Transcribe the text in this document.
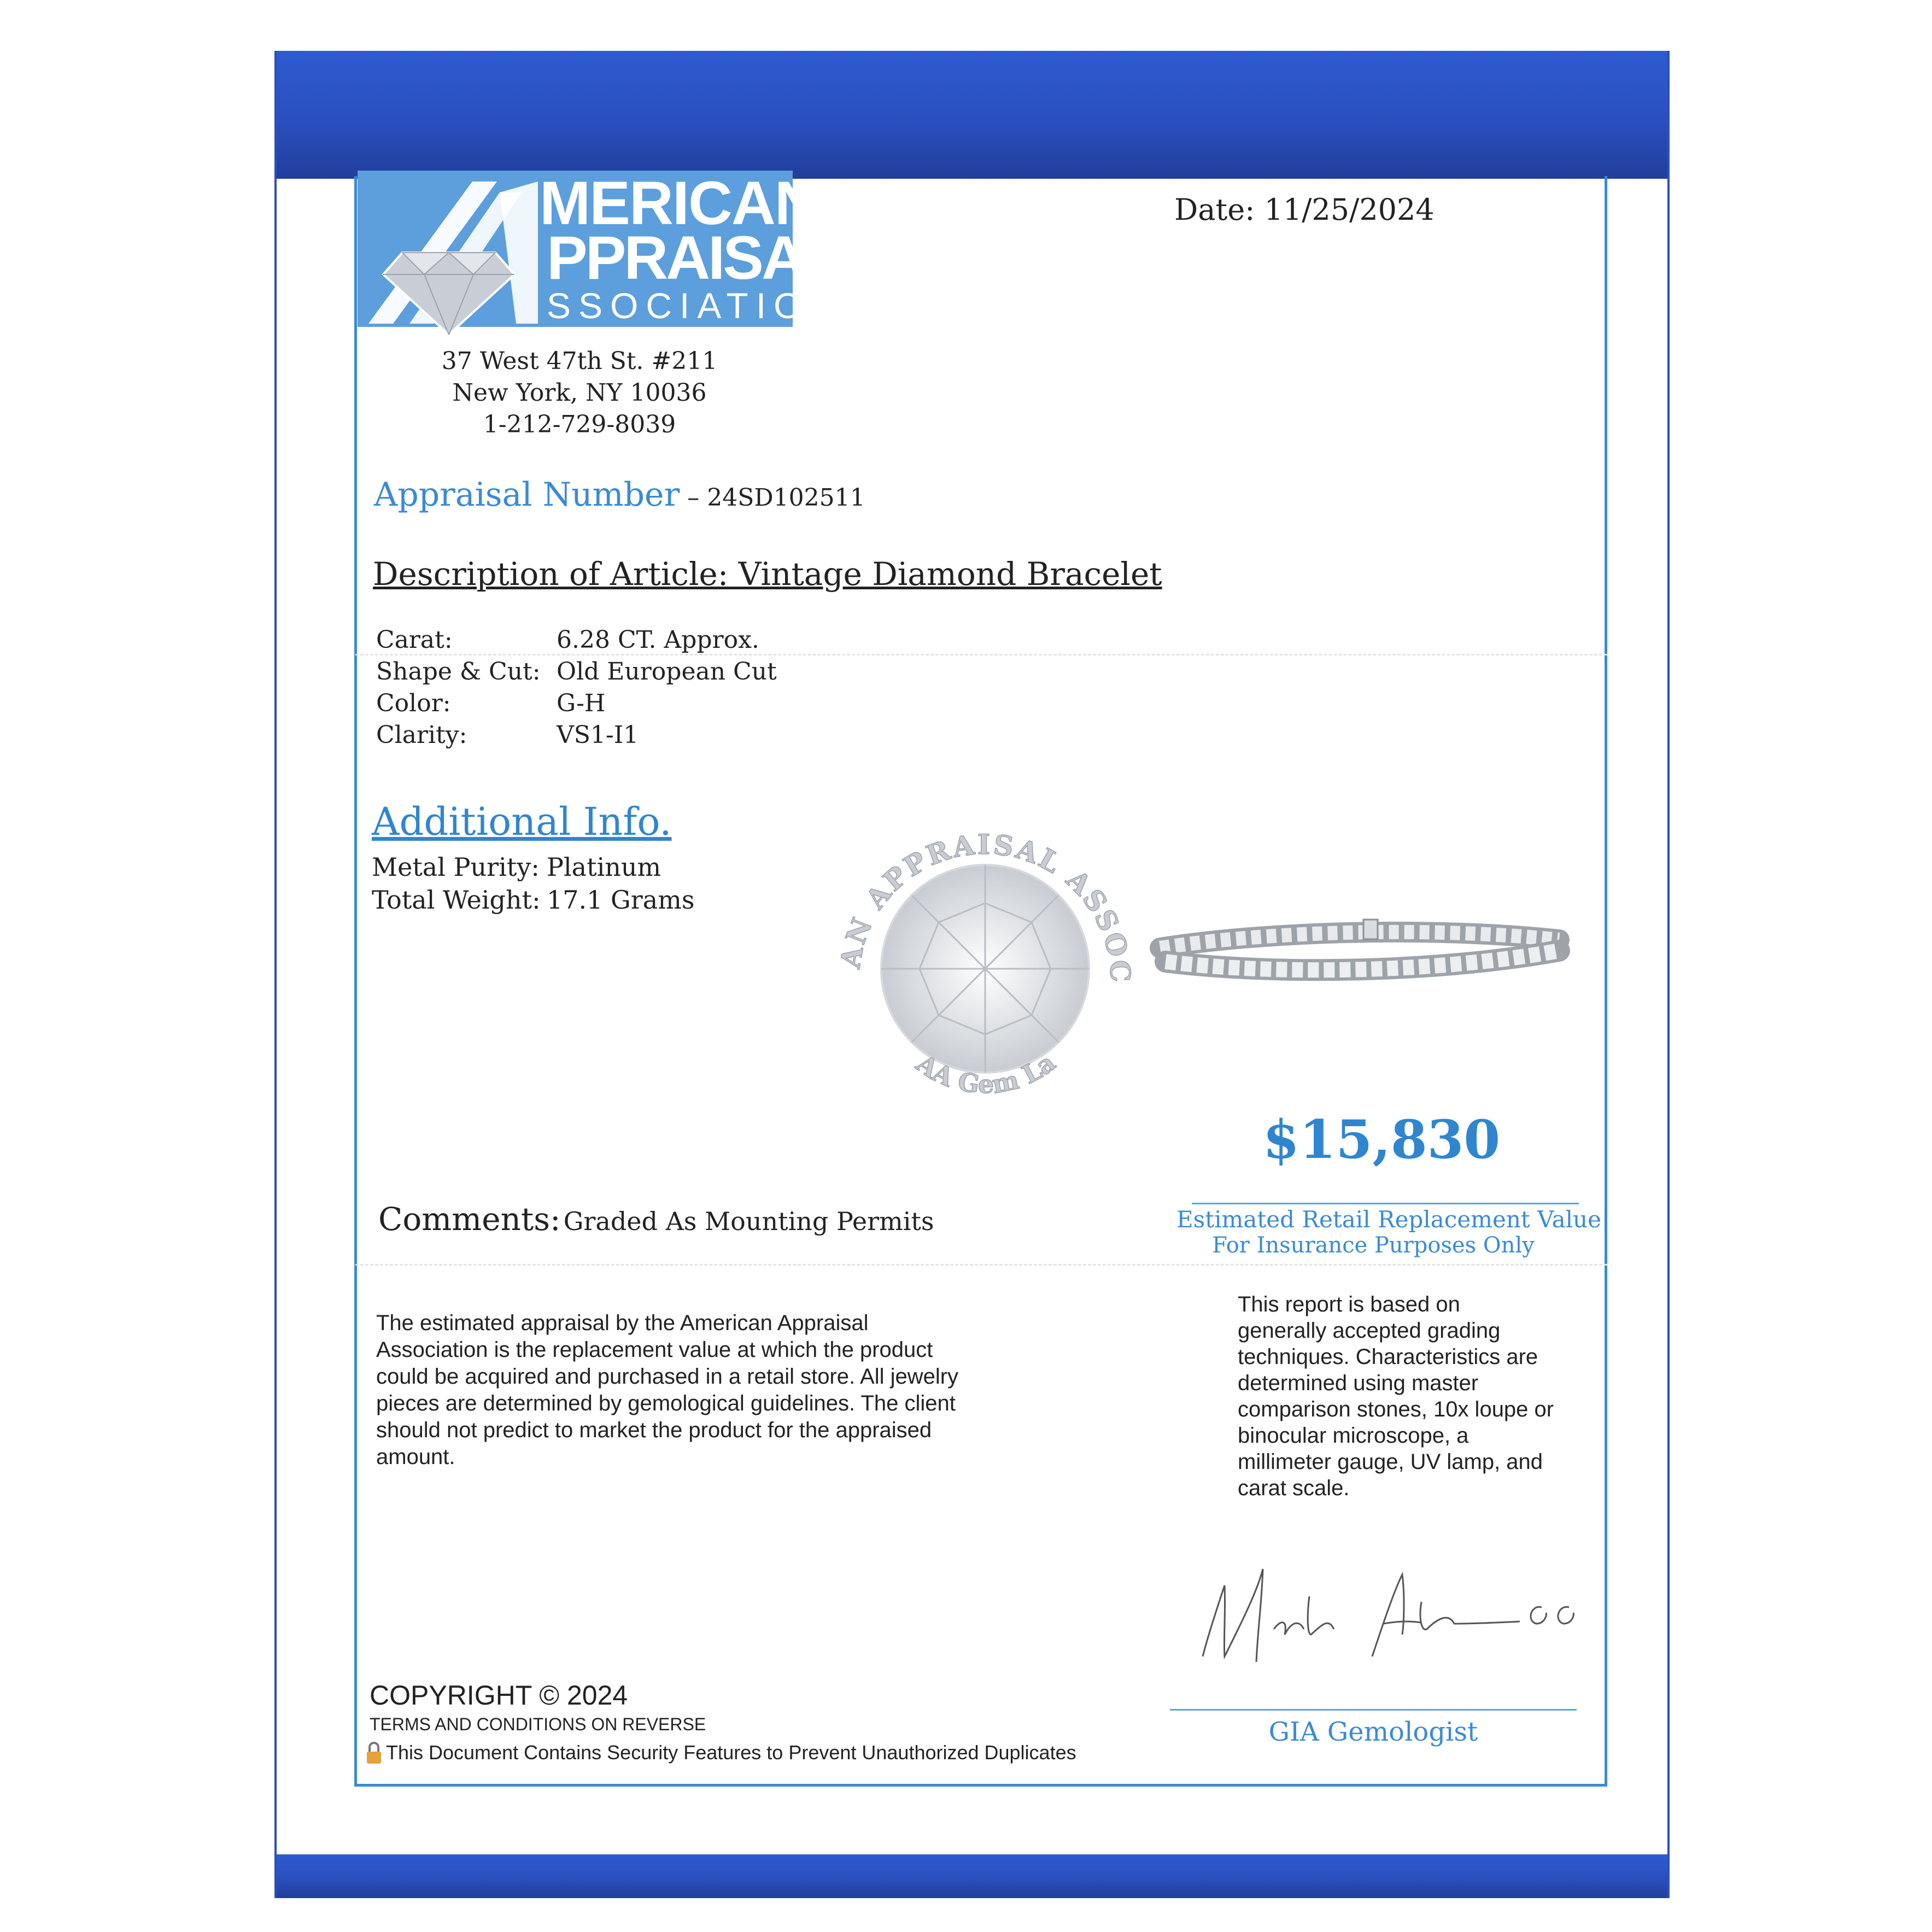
MERICAN
PPRAISAL
SSOCIATION
37 West 47th St. #211
New York, NY 10036
1-212-729-8039
Date: 11/25/2024
Appraisal Number – 24SD102511
Description of Article: Vintage Diamond Bracelet
Carat:	6.28 CT. Approx.
Shape & Cut: Old European Cut
Color:	G-H
Clarity:	VS1-I1
Additional Info.
Metal Purity: Platinum
Total Weight: 17.1 Grams
AN APPRAISAL ASSOC
AA Gem La
$15,830
Estimated Retail Replacement Value
For Insurance Purposes Only
Comments: Graded As Mounting Permits
The estimated appraisal by the American Appraisal Association is the replacement value at which the product could be acquired and purchased in a retail store. All jewelry pieces are determined by gemological guidelines. The client should not predict to market the product for the appraised amount.
This report is based on generally accepted grading techniques. Characteristics are determined using master comparison stones, 10x loupe or binocular microscope, a millimeter gauge, UV lamp, and carat scale.
GIA Gemologist
COPYRIGHT © 2024
TERMS AND CONDITIONS ON REVERSE
This Document Contains Security Features to Prevent Unauthorized Duplicates
